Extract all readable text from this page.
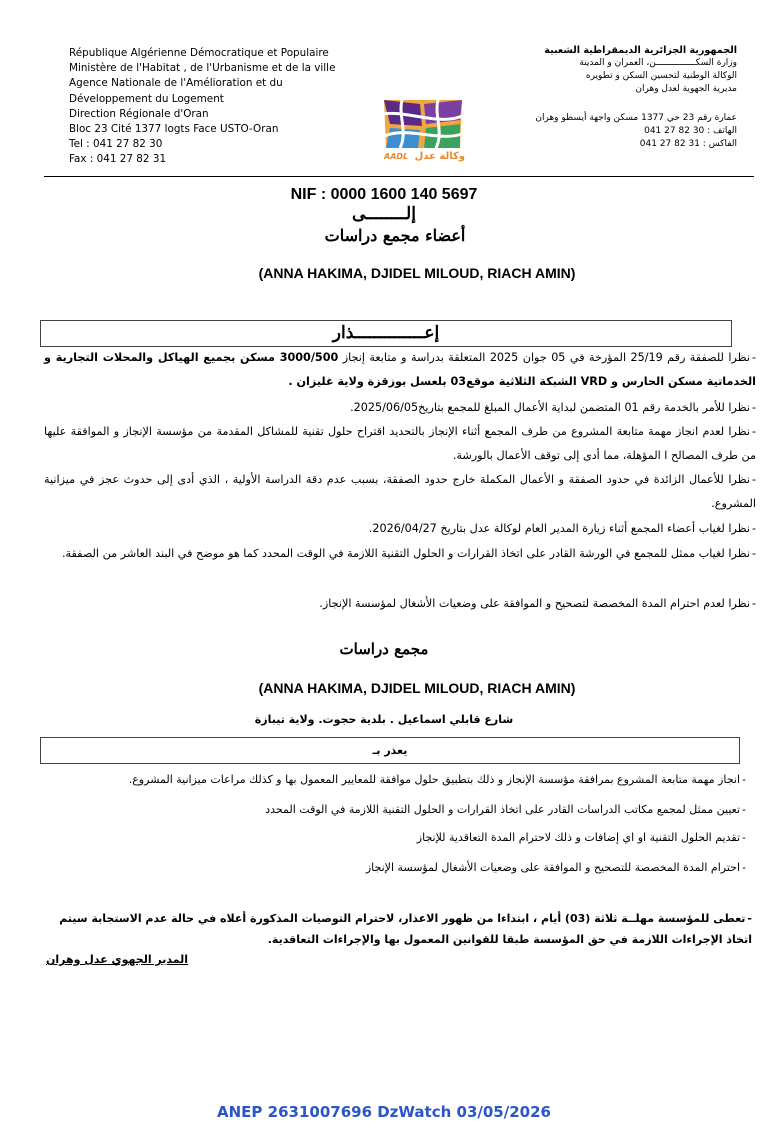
République Algérienne Démocratique et Populaire
Ministère de l'Habitat , de l'Urbanisme et de la ville
Agence Nationale de l'Amélioration et du
Développement du Logement
Direction Régionale d'Oran
Bloc 23 Cité 1377 logts Face USTO-Oran
Tel : 041 27 82 30
Fax : 041 27 82 31
الجمهورية الجزائرية الديمقراطية الشعبية
وزارة السكـــــــــــــــن، العمران و المدينة
الوكالة الوطنية لتحسين السكن و تطويره
مديرية الجهوية لعدل وهران
عمارة رقم 23 حي 1377 مسكن واجهة أيسطو وهران
الهاتف : 30 82 27 041
الفاكس : 31 82 27 041
AADL وكالة عدل
NIF : 0000 1600 140 5697
إلــــــــى
أعضاء مجمع دراسات
(ANNA HAKIMA, DJIDEL MILOUD, RIACH AMIN)
إعــــــــــــــذار
-نظرا للصفقة رقم 25/19 المؤرخة في 05 جوان 2025 المتعلقة بدراسة و متابعة إنجاز 3000/500 مسكن بجميع الهياكل والمحلات التجارية و الخدماتية مسكن الحارس و VRD الشبكة الثلاثية موقع03 بلعسل بوزقزة ولاية غليزان .
-نظرا للأمر بالخدمة رقم 01 المتضمن لبداية الأعمال المبلغ للمجمع بتاريخ2025/06/05.
-نظرا لعدم انجاز مهمة متابعة المشروع من طرف المجمع أثناء الإنجاز بالتحديد اقتراح حلول تقنية للمشاكل المقدمة من مؤسسة الإنجاز و الموافقة عليها من طرف المصالح ا المؤهلة، مما أدى إلى توقف الأعمال بالورشة.
-نظرا للأعمال الزائدة في حدود الصفقة و الأعمال المكملة خارج حدود الصفقة، بسبب عدم دقة الدراسة الأولية ، الذي أدى إلى حدوث عجز في ميزانية المشروع.
-نظرا لغياب أعضاء المجمع أثناء زيارة المدير العام لوكالة عدل بتاريخ 2026/04/27.
-نظرا لغياب ممثل للمجمع في الورشة القادر على اتخاذ القرارات و الحلول التقنية اللازمة في الوقت المحدد كما هو موضح في البند العاشر من الصفقة.
-نظرا لعدم احترام المدة المخصصة لتصحيح و الموافقة على وضعيات الأشغال لمؤسسة الإنجاز.
مجمع دراسات
(ANNA HAKIMA, DJIDEL MILOUD, RIACH AMIN)
شارع قابلي اسماعيل . بلدية حجوت. ولاية تيبازة
يعذر بـ
-انجاز مهمة متابعة المشروع بمرافقة مؤسسة الإنجاز و ذلك بتطبيق حلول موافقة للمعايير المعمول بها و كذلك مراعات ميزانية المشروع.
-تعيين ممثل لمجمع مكاتب الدراسات القادر على اتخاذ القرارات و الحلول التقنية اللازمة في الوقت المحدد
-تقديم الحلول التقنية او اي إضافات و ذلك لاحترام المدة التعاقدية للإنجاز
-احترام المدة المخصصة للتصحيح و الموافقة على وضعيات الأشغال لمؤسسة الإنجاز
-تعطى للمؤسسة مهلــة ثلاثة (03) أيام ، ابتداءا من ظهور الاعذار، لاحترام التوصيات المذكورة أعلاه في حالة عدم الاستجابة سيتم اتخاذ الإجراءات اللازمة في حق المؤسسة طبقا للقوانين المعمول بها والإجراءات التعاقدية.
المدير الجهوي عدل وهران
ANEP 2631007696 DzWatch 03/05/2026
